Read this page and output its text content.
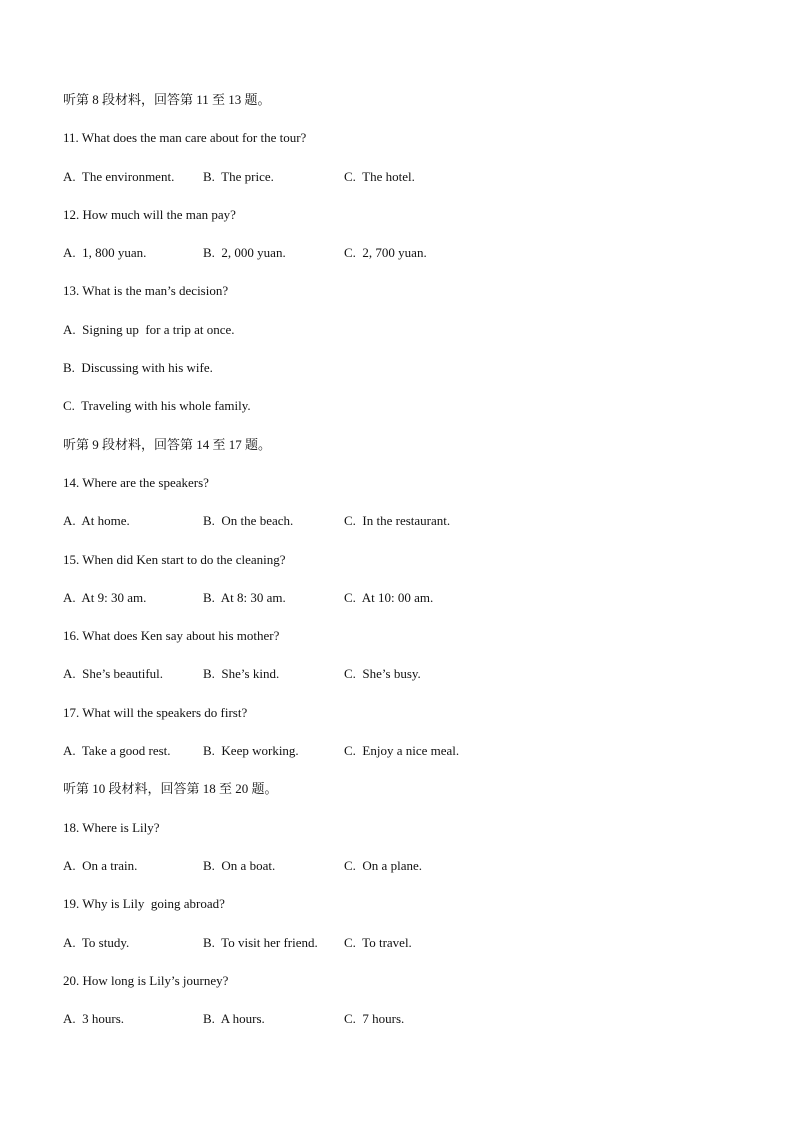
听第 8 段材料，回答第 11 至 13 题。
11. What does the man care about for the tour?
A.  The environment.	B.  The price.	C.  The hotel.
12. How much will the man pay?
A.  1, 800 yuan.	B.  2, 000 yuan.	C.  2, 700 yuan.
13. What is the man’s decision?
A.  Signing up  for a trip at once.
B.  Discussing with his wife.
C.  Traveling with his whole family.
听第 9 段材料，回答第 14 至 17 题。
14. Where are the speakers?
A.  At home.	B.  On the beach.	C.  In the restaurant.
15. When did Ken start to do the cleaning?
A.  At 9: 30 am.	B.  At 8: 30 am.	C.  At 10: 00 am.
16. What does Ken say about his mother?
A.  She’s beautiful.	B.  She’s kind.	C.  She’s busy.
17. What will the speakers do first?
A.  Take a good rest.	B.  Keep working.	C.  Enjoy a nice meal.
听第 10 段材料，回答第 18 至 20 题。
18. Where is Lily?
A.  On a train.	B.  On a boat.	C.  On a plane.
19. Why is Lily  going abroad?
A.  To study.	B.  To visit her friend.	C.  To travel.
20. How long is Lily’s journey?
A.  3 hours.	B.  A hours.	C.  7 hours.
